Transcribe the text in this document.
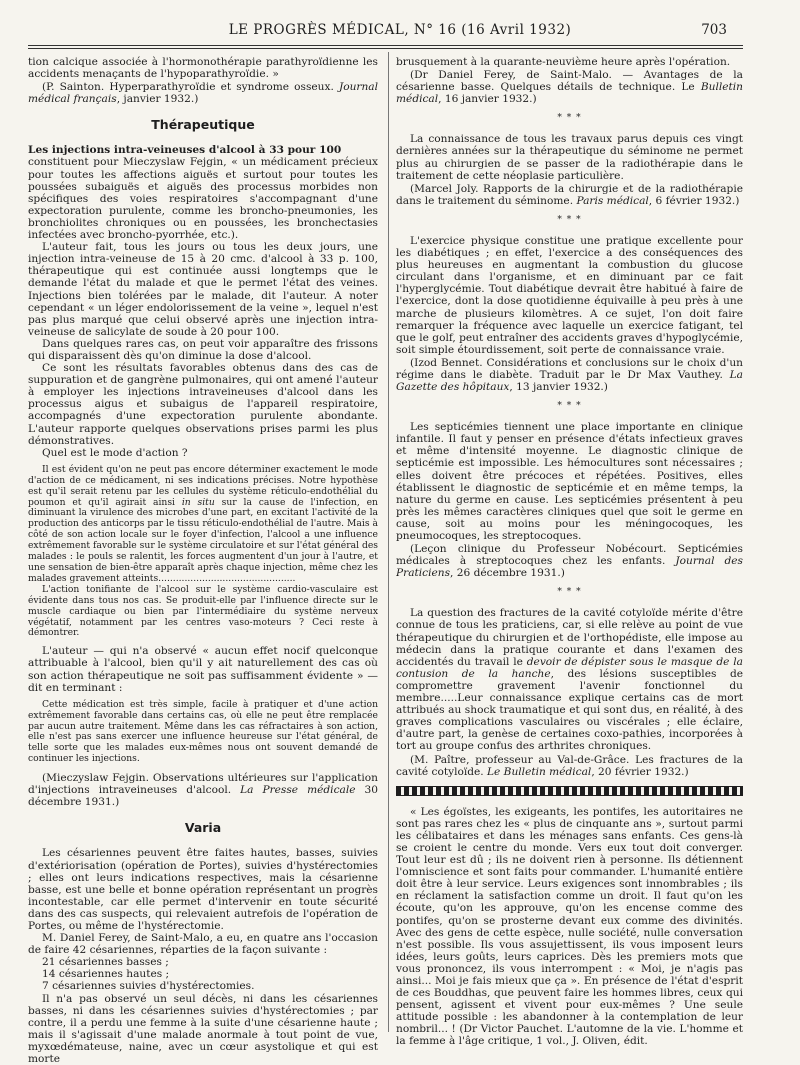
LE PROGRÈS MÉDICAL, N° 16 (16 Avril 1932)	703

tion calcique associée à l'hormonothérapie parathyroïdienne les accidents menaçants de l'hypoparathyroïdie. »

(P. Sainton. Hyperparathyroïdie et syndrome osseux. Journal médical français, janvier 1932.)

Thérapeutique

Les injections intra-veineuses d'alcool à 33 pour 100

constituent pour Mieczyslaw Fejgin, « un médicament précieux pour toutes les affections aiguës et surtout pour toutes les poussées subaiguës et aiguës des processus morbides non spécifiques des voies respiratoires s'accompagnant d'une expectoration purulente, comme les broncho-pneumonies, les bronchiolites chroniques ou en poussées, les bronchectasies infectées avec broncho-pyorrhée, etc.).

L'auteur fait, tous les jours ou tous les deux jours, une injection intra-veineuse de 15 à 20 cmc. d'alcool à 33 p. 100, thérapeutique qui est continuée aussi longtemps que le demande l'état du malade et que le permet l'état des veines. Injections bien tolérées par le malade, dit l'auteur. A noter cependant « un léger endolorissement de la veine », lequel n'est pas plus marqué que celui observé après une injection intra-veineuse de salicylate de soude à 20 pour 100.

Dans quelques rares cas, on peut voir apparaître des frissons qui disparaissent dès qu'on diminue la dose d'alcool.

Ce sont les résultats favorables obtenus dans des cas de suppuration et de gangrène pulmonaires, qui ont amené l'auteur à employer les injections intraveineuses d'alcool dans les processus aigus et subaigus de l'appareil respiratoire, accompagnés d'une expectoration purulente abondante. L'auteur rapporte quelques observations prises parmi les plus démonstratives.

Quel est le mode d'action ?

Il est évident qu'on ne peut pas encore déterminer exactement le mode d'action de ce médicament, ni ses indications précises. Notre hypothèse est qu'il serait retenu par les cellules du système réticulo-endothélial du poumon et qu'il agirait ainsi in situ sur la cause de l'infection, en diminuant la virulence des microbes d'une part, en excitant l'activité de la production des anticorps par le tissu réticulo-endothélial de l'autre. Mais à côté de son action locale sur le foyer d'infection, l'alcool a une influence extrêmement favorable sur le système circulatoire et sur l'état général des malades : le pouls se ralentit, les forces augmentent d'un jour à l'autre, et une sensation de bien-être apparaît après chaque injection, même chez les malades gravement atteints...............................................

L'action tonifiante de l'alcool sur le système cardio-vasculaire est évidente dans tous nos cas. Se produit-elle par l'influence directe sur le muscle cardiaque ou bien par l'intermédiaire du système nerveux végétatif, notamment par les centres vaso-moteurs ? Ceci reste à démontrer.

L'auteur — qui n'a observé « aucun effet nocif quelconque attribuable à l'alcool, bien qu'il y ait naturellement des cas où son action thérapeutique ne soit pas suffisamment évidente » — dit en terminant :

Cette médication est très simple, facile à pratiquer et d'une action extrêmement favorable dans certains cas, où elle ne peut être remplacée par aucun autre traitement. Même dans les cas réfractaires à son action, elle n'est pas sans exercer une influence heureuse sur l'état général, de telle sorte que les malades eux-mêmes nous ont souvent demandé de continuer les injections.

(Mieczyslaw Fejgin. Observations ultérieures sur l'application d'injections intraveineuses d'alcool. La Presse médicale 30 décembre 1931.)

Varia

Les césariennes peuvent être faites hautes, basses, suivies d'extériorisation (opération de Portes), suivies d'hystérectomies ; elles ont leurs indications respectives, mais la césarienne basse, est une belle et bonne opération représentant un progrès incontestable, car elle permet d'intervenir en toute sécurité dans des cas suspects, qui relevaient autrefois de l'opération de Portes, ou même de l'hystérectomie.

M. Daniel Ferey, de Saint-Malo, a eu, en quatre ans l'occasion de faire 42 césariennes, réparties de la façon suivante :

21 césariennes basses ;

14 césariennes hautes ;

7 césariennes suivies d'hystérectomies.

Il n'a pas observé un seul décès, ni dans les césariennes basses, ni dans les césariennes suivies d'hystérectomies ; par contre, il a perdu une femme à la suite d'une césarienne haute ; mais il s'agissait d'une malade anormale à tout point de vue, myxœdémateuse, naine, avec un cœur asystolique et qui est morte

brusquement à la quarante-neuvième heure après l'opération.

(Dr Daniel Ferey, de Saint-Malo. — Avantages de la césarienne basse. Quelques détails de technique. Le Bulletin médical, 16 janvier 1932.)

* * *

La connaissance de tous les travaux parus depuis ces vingt dernières années sur la thérapeutique du séminome ne permet plus au chirurgien de se passer de la radiothérapie dans le traitement de cette néoplasie particulière.

(Marcel Joly. Rapports de la chirurgie et de la radiothérapie dans le traitement du séminome. Paris médical, 6 février 1932.)

* * *

L'exercice physique constitue une pratique excellente pour les diabétiques ; en effet, l'exercice a des conséquences des plus heureuses en augmentant la combustion du glucose circulant dans l'organisme, et en diminuant par ce fait l'hyperglycémie. Tout diabétique devrait être habitué à faire de l'exercice, dont la dose quotidienne équivaille à peu près à une marche de plusieurs kilomètres. A ce sujet, l'on doit faire remarquer la fréquence avec laquelle un exercice fatigant, tel que le golf, peut entraîner des accidents graves d'hypoglycémie, soit simple étourdissement, soit perte de connaissance vraie.

(Izod Bennet. Considérations et conclusions sur le choix d'un régime dans le diabète. Traduit par le Dr Max Vauthey. La Gazette des hôpitaux, 13 janvier 1932.)

* * *

Les septicémies tiennent une place importante en clinique infantile. Il faut y penser en présence d'états infectieux graves et même d'intensité moyenne. Le diagnostic clinique de septicémie est impossible. Les hémocultures sont nécessaires ; elles doivent être précoces et répétées. Positives, elles établissent le diagnostic de septicémie et en même temps, la nature du germe en cause. Les septicémies présentent à peu près les mêmes caractères cliniques quel que soit le germe en cause, soit au moins pour les méningocoques, les pneumocoques, les streptocoques.

(Leçon clinique du Professeur Nobécourt. Septicémies médicales à streptocoques chez les enfants. Journal des Praticiens, 26 décembre 1931.)

* * *

La question des fractures de la cavité cotyloïde mérite d'être connue de tous les praticiens, car, si elle relève au point de vue thérapeutique du chirurgien et de l'orthopédiste, elle impose au médecin dans la pratique courante et dans l'examen des accidentés du travail le devoir de dépister sous le masque de la contusion de la hanche, des lésions susceptibles de compromettre gravement l'avenir fonctionnel du membre.....Leur connaissance explique certains cas de mort attribués au shock traumatique et qui sont dus, en réalité, à des graves complications vasculaires ou viscérales ; elle éclaire, d'autre part, la genèse de certaines coxo-pathies, incorporées à tort au groupe confus des arthrites chroniques.

(M. Paître, professeur au Val-de-Grâce. Les fractures de la cavité cotyloïde. Le Bulletin médical, 20 février 1932.)

« Les égoïstes, les exigeants, les pontifes, les autoritaires ne sont pas rares chez les « plus de cinquante ans », surtout parmi les célibataires et dans les ménages sans enfants. Ces gens-là se croient le centre du monde. Vers eux tout doit converger. Tout leur est dû ; ils ne doivent rien à personne. Ils détiennent l'omniscience et sont faits pour commander. L'humanité entière doit être à leur service. Leurs exigences sont innombrables ; ils en réclament la satisfaction comme un droit. Il faut qu'on les écoute, qu'on les approuve, qu'on les encense comme des pontifes, qu'on se prosterne devant eux comme des divinités. Avec des gens de cette espèce, nulle société, nulle conversation n'est possible. Ils vous assujettissent, ils vous imposent leurs idées, leurs goûts, leurs caprices. Dès les premiers mots que vous prononcez, ils vous interrompent : « Moi, je n'agis pas ainsi... Moi je fais mieux que ça ». En présence de l'état d'esprit de ces Bouddhas, que peuvent faire les hommes libres, ceux qui pensent, agissent et vivent pour eux-mêmes ? Une seule attitude possible : les abandonner à la contemplation de leur nombril... ! (Dr Victor Pauchet. L'automne de la vie. L'homme et la femme à l'âge critique, 1 vol., J. Oliven, édit.
